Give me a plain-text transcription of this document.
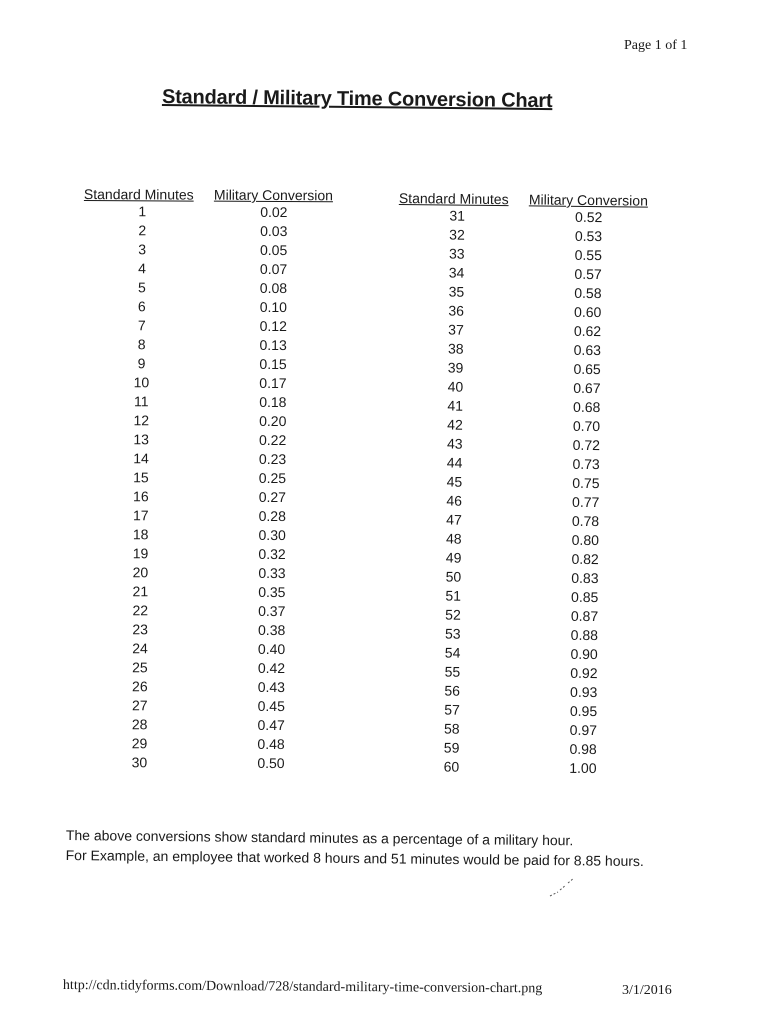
Page 1 of 1
Standard / Military Time Conversion Chart
Standard Minutes	Military Conversion
1	0.02
2	0.03
3	0.05
4	0.07
5	0.08
6	0.10
7	0.12
8	0.13
9	0.15
10	0.17
11	0.18
12	0.20
13	0.22
14	0.23
15	0.25
16	0.27
17	0.28
18	0.30
19	0.32
20	0.33
21	0.35
22	0.37
23	0.38
24	0.40
25	0.42
26	0.43
27	0.45
28	0.47
29	0.48
30	0.50
Standard Minutes	Military Conversion
31	0.52
32	0.53
33	0.55
34	0.57
35	0.58
36	0.60
37	0.62
38	0.63
39	0.65
40	0.67
41	0.68
42	0.70
43	0.72
44	0.73
45	0.75
46	0.77
47	0.78
48	0.80
49	0.82
50	0.83
51	0.85
52	0.87
53	0.88
54	0.90
55	0.92
56	0.93
57	0.95
58	0.97
59	0.98
60	1.00
The above conversions show standard minutes as a percentage of a military hour.
For Example, an employee that worked 8 hours and 51 minutes would be paid for 8.85 hours.
http://cdn.tidyforms.com/Download/728/standard-military-time-conversion-chart.png	3/1/2016
